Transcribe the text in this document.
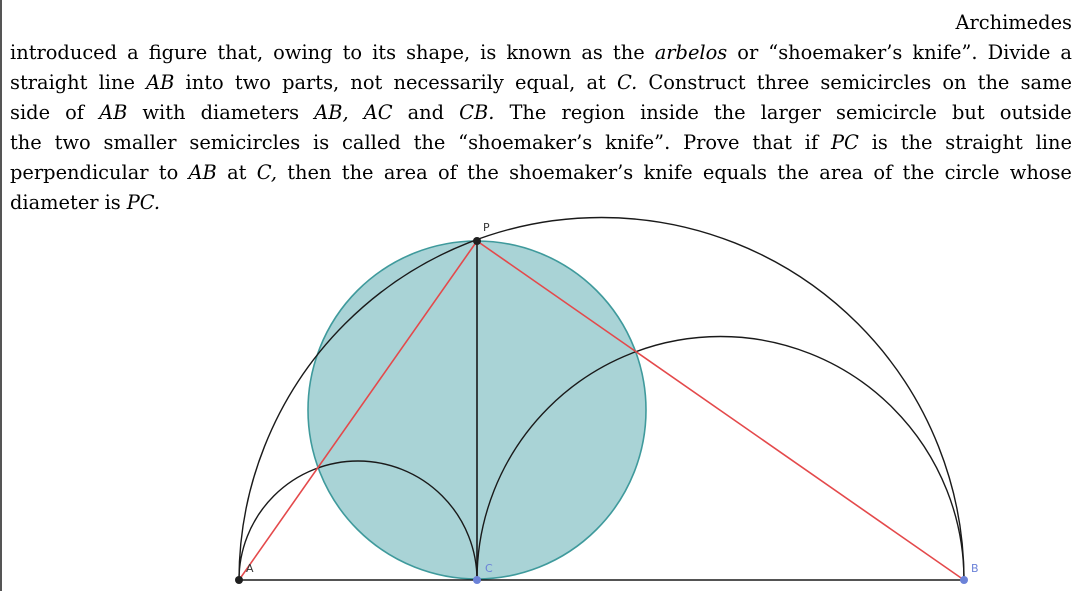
Archimedes
introduced a figure that, owing to its shape, is known as the arbelos or “shoemaker’s knife”. Divide a
straight line AB into two parts, not necessarily equal, at C. Construct three semicircles on the same
side of AB with diameters AB, AC and CB. The region inside the larger semicircle but outside
the two smaller semicircles is called the “shoemaker’s knife”. Prove that if PC is the straight line
perpendicular to AB at C, then the area of the shoemaker’s knife equals the area of the circle whose
diameter is PC.
P
A	C	B
